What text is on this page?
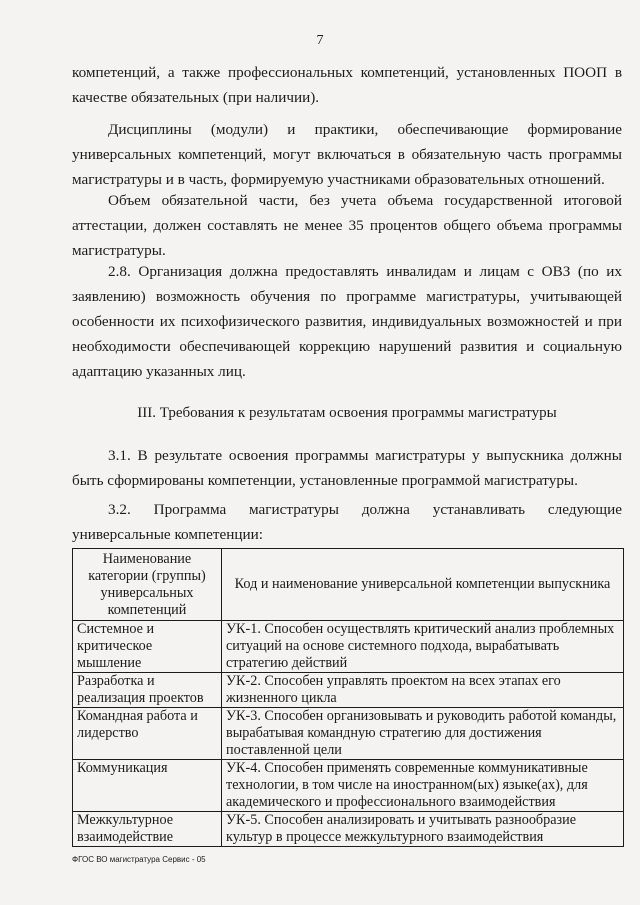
7

компетенций, а также профессиональных компетенций, установленных ПООП в качестве обязательных (при наличии).

Дисциплины (модули) и практики, обеспечивающие формирование универсальных компетенций, могут включаться в обязательную часть программы магистратуры и в часть, формируемую участниками образовательных отношений.

Объем обязательной части, без учета объема государственной итоговой аттестации, должен составлять не менее 35 процентов общего объема программы магистратуры.

2.8. Организация должна предоставлять инвалидам и лицам с ОВЗ (по их заявлению) возможность обучения по программе магистратуры, учитывающей особенности их психофизического развития, индивидуальных возможностей и при необходимости обеспечивающей коррекцию нарушений развития и социальную адаптацию указанных лиц.

III. Требования к результатам освоения программы магистратуры

3.1. В результате освоения программы магистратуры у выпускника должны быть сформированы компетенции, установленные программой магистратуры.

3.2. Программа магистратуры должна устанавливать следующие универсальные компетенции:

Наименование категории (группы) универсальных компетенций	Код и наименование универсальной компетенции выпускника
Системное и критическое мышление	УК-1. Способен осуществлять критический анализ проблемных ситуаций на основе системного подхода, вырабатывать стратегию действий
Разработка и реализация проектов	УК-2. Способен управлять проектом на всех этапах его жизненного цикла
Командная работа и лидерство	УК-3. Способен организовывать и руководить работой команды, вырабатывая командную стратегию для достижения поставленной цели
Коммуникация	УК-4. Способен применять современные коммуникативные технологии, в том числе на иностранном(ых) языке(ах), для академического и профессионального взаимодействия
Межкультурное взаимодействие	УК-5. Способен анализировать и учитывать разнообразие культур в процессе межкультурного взаимодействия
ФГОС ВО магистратура Сервис - 05
